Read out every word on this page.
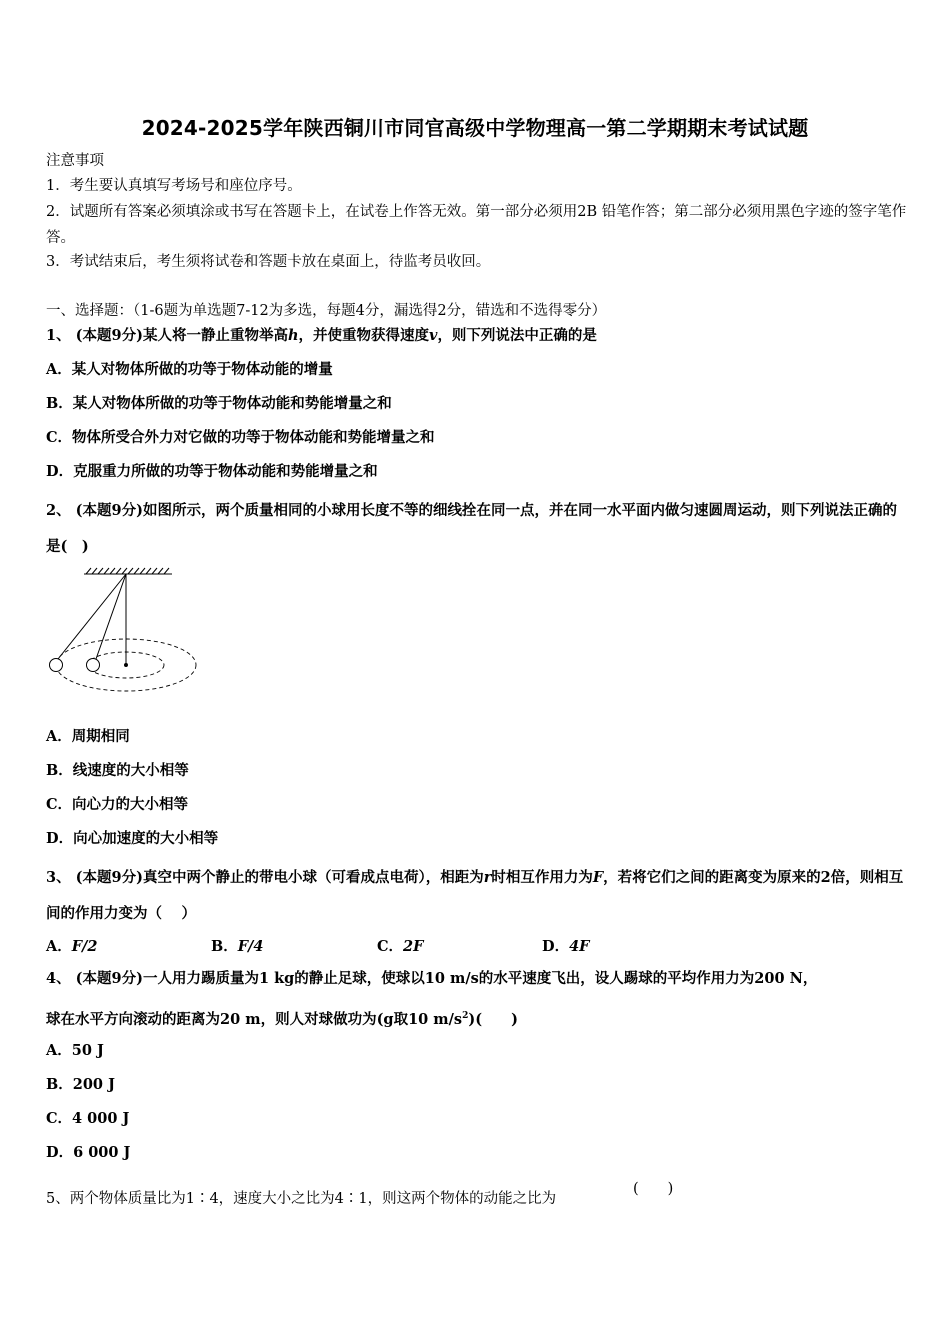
2024-2025学年陕西铜川市同官高级中学物理高一第二学期期末考试试题
注意事项
1．考生要认真填写考场号和座位序号。
2．试题所有答案必须填涂或书写在答题卡上，在试卷上作答无效。第一部分必须用2B 铅笔作答；第二部分必须用黑色字迹的签字笔作答。
3．考试结束后，考生须将试卷和答题卡放在桌面上，待监考员收回。
一、选择题：（1-6题为单选题7-12为多选，每题4分，漏选得2分，错选和不选得零分）
1、 (本题9分)某人将一静止重物举高h，并使重物获得速度v，则下列说法中正确的是
A．某人对物体所做的功等于物体动能的增量
B．某人对物体所做的功等于物体动能和势能增量之和
C．物体所受合外力对它做的功等于物体动能和势能增量之和
D．克服重力所做的功等于物体动能和势能增量之和
2、 (本题9分)如图所示，两个质量相同的小球用长度不等的细线拴在同一点，并在同一水平面内做匀速圆周运动，则下列说法正确的是(　)
A．周期相同
B．线速度的大小相等
C．向心力的大小相等
D．向心加速度的大小相等
3、 (本题9分)真空中两个静止的带电小球（可看成点电荷），相距为r时相互作用力为F，若将它们之间的距离变为原来的2倍，则相互间的作用力变为（　 ）
A．F/2	B．F/4	C．2F	D．4F
4、 (本题9分)一人用力踢质量为1 kg的静止足球，使球以10 m/s的水平速度飞出，设人踢球的平均作用力为200 N，
球在水平方向滚动的距离为20 m，则人对球做功为(g取10 $m/s^2$)(　　)
A．50 J
B．200 J
C．4 000 J
D．6 000 J
5、两个物体质量比为1∶4，速度大小之比为4∶1，则这两个物体的动能之比为
(　　)
